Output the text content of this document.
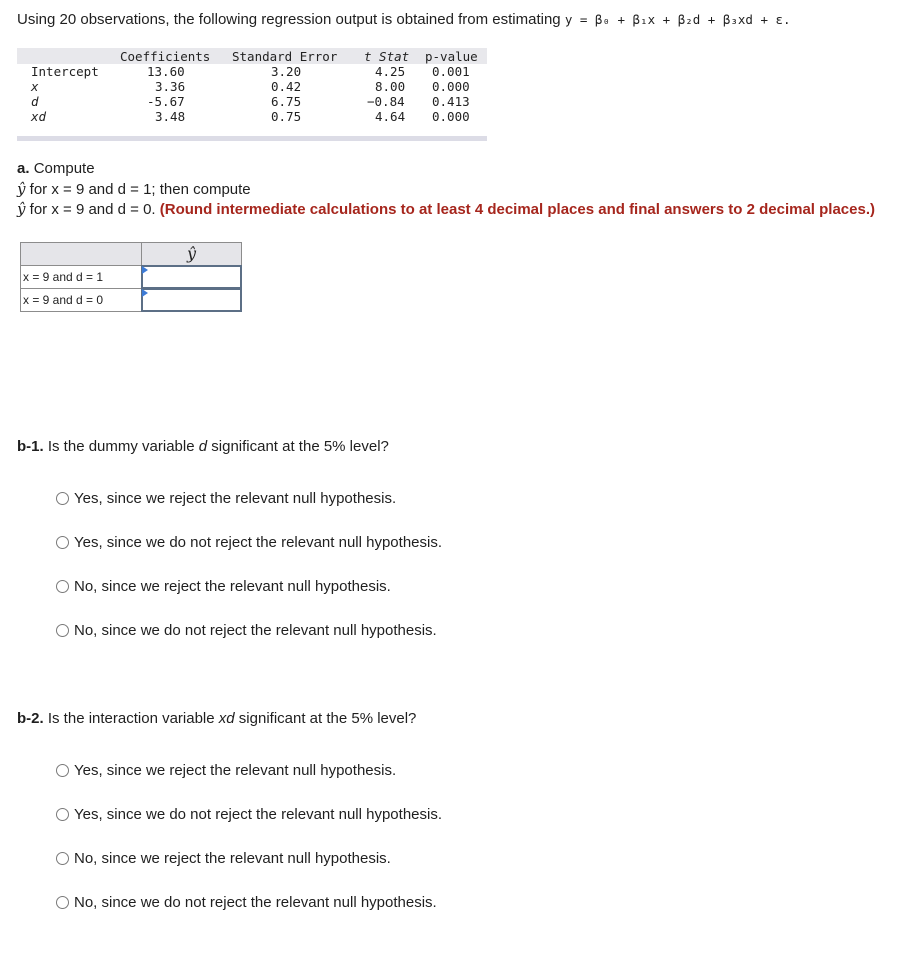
Using 20 observations, the following regression output is obtained from estimating y = β₀ + β₁x + β₂d + β₃xd + ε.
Coefficients Standard Error t Stat p-value
Intercept	13.60	3.20	4.25 0.001
x	3.36	0.42	8.00 0.000
d	-5.67	6.75	−0.84 0.413
xd	3.48	0.75	4.64 0.000
a. Compute
ŷ for x = 9 and d = 1; then compute
ŷ for x = 9 and d = 0. (Round intermediate calculations to at least 4 decimal places and final answers to 2 decimal places.)
ŷ
x = 9 and d = 1
x = 9 and d = 0
b-1. Is the dummy variable d significant at the 5% level?
Yes, since we reject the relevant null hypothesis.
Yes, since we do not reject the relevant null hypothesis.
No, since we reject the relevant null hypothesis.
No, since we do not reject the relevant null hypothesis.
b-2. Is the interaction variable xd significant at the 5% level?
Yes, since we reject the relevant null hypothesis.
Yes, since we do not reject the relevant null hypothesis.
No, since we reject the relevant null hypothesis.
No, since we do not reject the relevant null hypothesis.
